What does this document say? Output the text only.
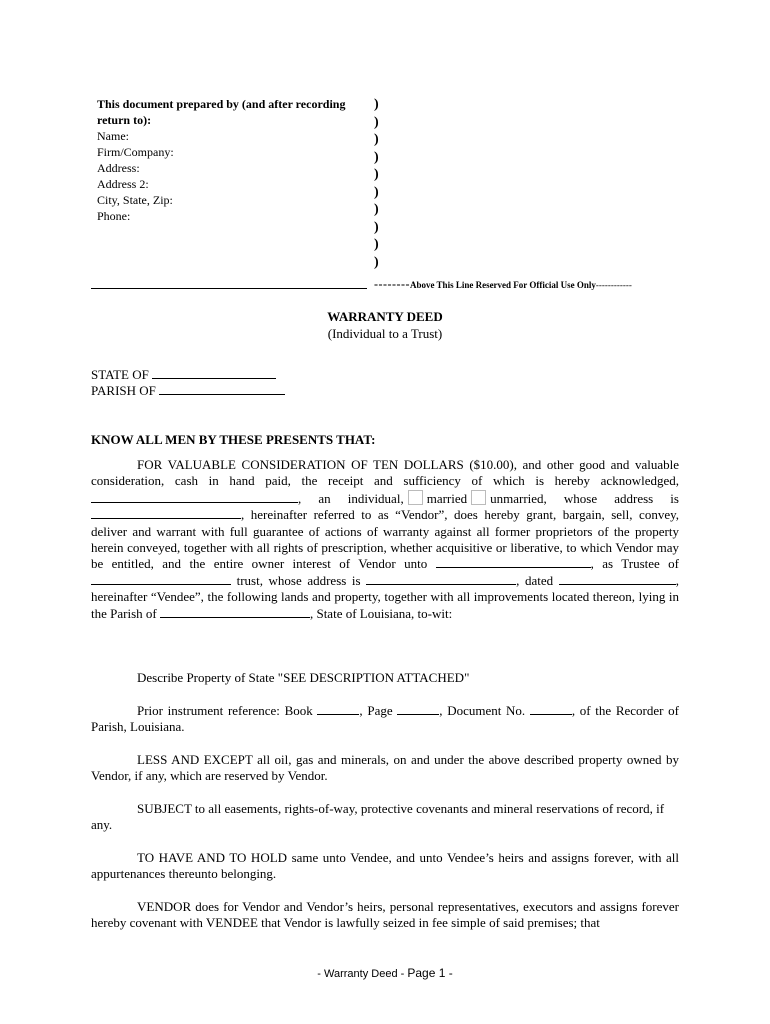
This document prepared by (and after recording return to):
Name:
Firm/Company:
Address:
Address 2:
City, State, Zip:
Phone:
)
)
)
)
)
)
)
)
)
)
--------Above This Line Reserved For Official Use Only------------
WARRANTY DEED
(Individual to a Trust)
STATE OF
PARISH OF
KNOW ALL MEN BY THESE PRESENTS THAT:
FOR VALUABLE CONSIDERATION OF TEN DOLLARS ($10.00), and other good and valuable consideration, cash in hand paid, the receipt and sufficiency of which is hereby acknowledged, , an individual, married unmarried, whose address is , hereinafter referred to as “Vendor”, does hereby grant, bargain, sell, convey, deliver and warrant with full guarantee of actions of warranty against all former proprietors of the property herein conveyed, together with all rights of prescription, whether acquisitive or liberative, to which Vendor may be entitled, and the entire owner interest of Vendor unto	, as Trustee of  trust, whose address is	, dated	, hereinafter “Vendee”, the following lands and property, together with all improvements located thereon, lying in the Parish of	, State of Louisiana, to-wit:
Describe Property of State "SEE DESCRIPTION ATTACHED"
Prior instrument reference: Book	, Page	, Document No.	, of the Recorder of Parish, Louisiana.
LESS AND EXCEPT all oil, gas and minerals, on and under the above described property owned by Vendor, if any, which are reserved by Vendor.
SUBJECT to all easements, rights-of-way, protective covenants and mineral reservations of record, if any.
TO HAVE AND TO HOLD same unto Vendee, and unto Vendee’s heirs and assigns forever, with all appurtenances thereunto belonging.
VENDOR does for Vendor and Vendor’s heirs, personal representatives, executors and assigns forever hereby covenant with VENDEE that Vendor is lawfully seized in fee simple of said premises; that
- Warranty Deed - Page 1 -
